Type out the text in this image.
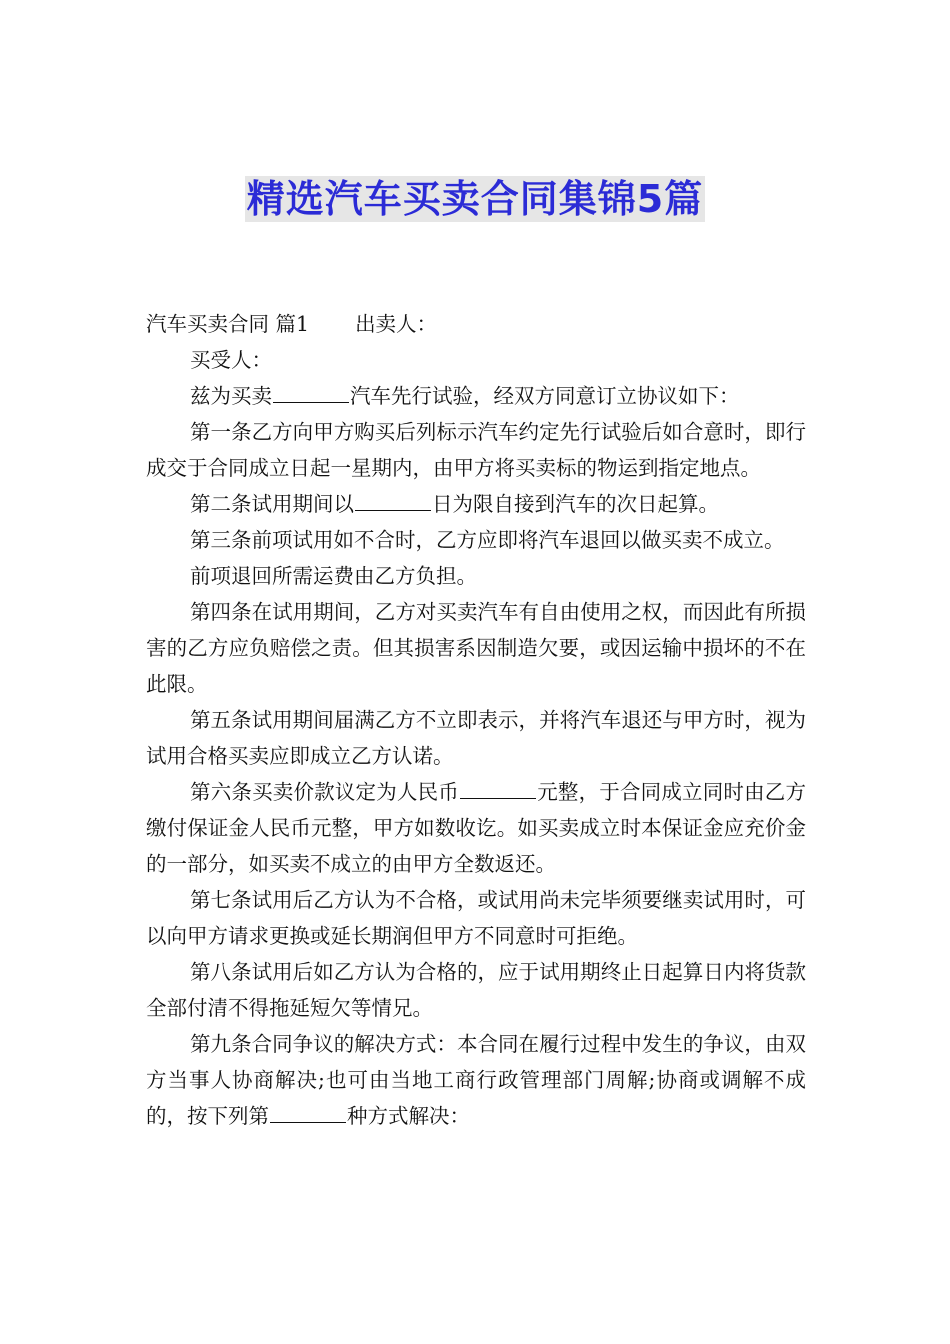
精选汽车买卖合同集锦5篇

汽车买卖合同 篇1 出卖人：

买受人：

兹为买卖	汽车先行试验，经双方同意订立协议如下：

第一条乙方向甲方购买后列标示汽车约定先行试验后如合意时，即行成交于合同成立日起一星期内，由甲方将买卖标的物运到指定地点。

第二条试用期间以	日为限自接到汽车的次日起算。

第三条前项试用如不合时，乙方应即将汽车退回以做买卖不成立。

前项退回所需运费由乙方负担。

第四条在试用期间，乙方对买卖汽车有自由使用之权，而因此有所损害的乙方应负赔偿之责。但其损害系因制造欠要，或因运输中损坏的不在此限。

第五条试用期间届满乙方不立即表示，并将汽车退还与甲方时，视为试用合格买卖应即成立乙方认诺。

第六条买卖价款议定为人民币	元整，于合同成立同时由乙方缴付保证金人民币元整，甲方如数收讫。如买卖成立时本保证金应充价金的一部分，如买卖不成立的由甲方全数返还。

第七条试用后乙方认为不合格，或试用尚未完毕须要继卖试用时，可以向甲方请求更换或延长期润但甲方不同意时可拒绝。

第八条试用后如乙方认为合格的，应于试用期终止日起算日内将货款全部付清不得拖延短欠等情兄。

第九条合同争议的解决方式：本合同在履行过程中发生的争议，由双方当事人协商解决;也可由当地工商行政管理部门周解;协商或调解不成的，按下列第	种方式解决：
